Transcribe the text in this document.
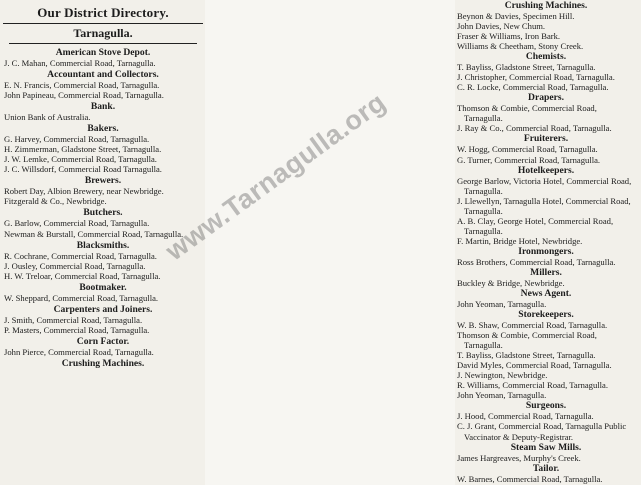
Our District Directory.
Tarnagulla.
American Stove Depot.
J. C. Mahan, Commercial Road, Tarnagulla.
Accountant and Collectors.
E. N. Francis, Commercial Road, Tarnagulla.
John Papineau, Commercial Road, Tarnagulla.
Bank.
Union Bank of Australia.
Bakers.
G. Harvey, Commercial Road, Tarnagulla.
H. Zimmerman, Gladstone Street, Tarnagulla.
J. W. Lemke, Commercial Road, Tarnagulla.
J. C. Willsdorf, Commercial Road Tarnagulla.
Brewers.
Robert Day, Albion Brewery, near Newbridge.
Fitzgerald & Co., Newbridge.
Butchers.
G. Barlow, Commercial Road, Tarnagulla.
Newman & Burstall, Commercial Road, Tarnagulla.
Blacksmiths.
R. Cochrane, Commercial Road, Tarnagulla.
J. Ousley, Commercial Road, Tarnagulla.
H. W. Treloar, Commercial Road, Tarnagulla.
Bootmaker.
W. Sheppard, Commercial Road, Tarnagulla.
Carpenters and Joiners.
J. Smith, Commercial Road, Tarnagulla.
P. Masters, Commercial Road, Tarnagulla.
Corn Factor.
John Pierce, Commercial Road, Tarnagulla.
Crushing Machines.
Crushing Machines.
Beynon & Davies, Specimen Hill.
John Davies, New Chum.
Fraser & Williams, Iron Bark.
Williams & Cheetham, Stony Creek.
Chemists.
T. Bayliss, Gladstone Street, Tarnagulla.
J. Christopher, Commercial Road, Tarnagulla.
C. R. Locke, Commercial Road, Tarnagulla.
Drapers.
Thomson & Combie, Commercial Road, Tarnagulla.
J. Ray & Co., Commercial Road, Tarnagulla.
Fruiterers.
W. Hogg, Commercial Road, Tarnagulla.
G. Turner, Commercial Road, Tarnagulla.
Hotelkeepers.
George Barlow, Victoria Hotel, Commercial Road, Tarnagulla.
J. Llewellyn, Tarnagulla Hotel, Commercial Road, Tarnagulla.
A. B. Clay, George Hotel, Commercial Road, Tarnagulla.
F. Martin, Bridge Hotel, Newbridge.
Ironmongers.
Ross Brothers, Commercial Road, Tarnagulla.
Millers.
Buckley & Bridge, Newbridge.
News Agent.
John Yeoman, Tarnagulla.
Storekeepers.
W. B. Shaw, Commercial Road, Tarnagulla.
Thomson & Combie, Commercial Road, Tarnagulla.
T. Bayliss, Gladstone Street, Tarnagulla.
David Myles, Commercial Road, Tarnagulla.
J. Newington, Newbridge.
R. Williams, Commercial Road, Tarnagulla.
John Yeoman, Tarnagulla.
Surgeons.
J. Hood, Commercial Road, Tarnagulla.
C. J. Grant, Commercial Road, Tarnagulla Public Vaccinator & Deputy-Registrar.
Steam Saw Mills.
James Hargreaves, Murphy's Creek.
Tailor.
W. Barnes, Commercial Road, Tarnagulla.
www.Tarnagulla.org
